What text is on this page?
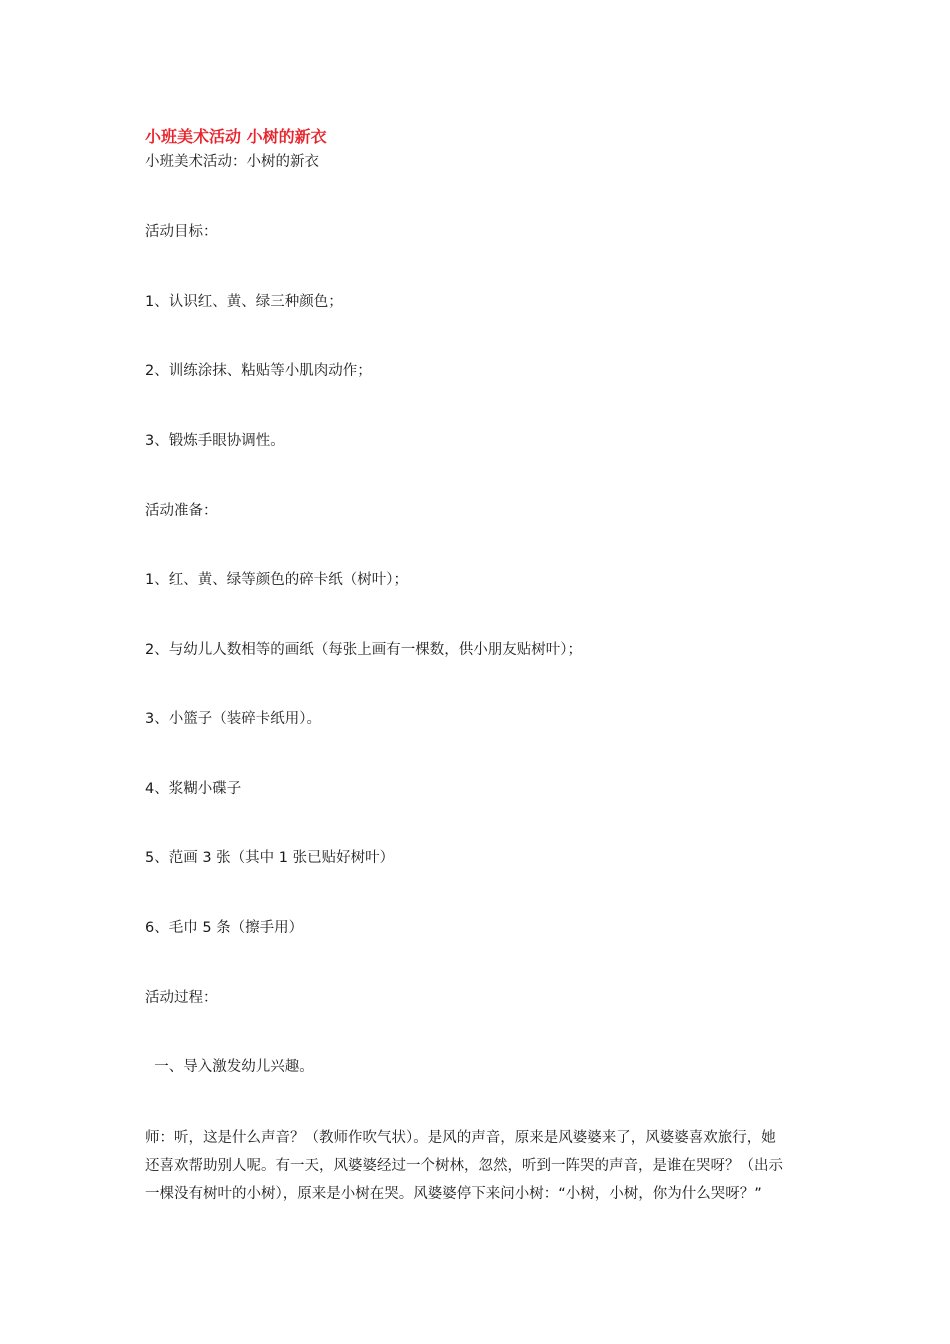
小班美术活动 小树的新衣
小班美术活动：小树的新衣
活动目标：
1、认识红、黄、绿三种颜色；
2、训练涂抹、粘贴等小肌肉动作；
3、锻炼手眼协调性。
活动准备：
1、红、黄、绿等颜色的碎卡纸（树叶）；
2、与幼儿人数相等的画纸（每张上画有一棵数，供小朋友贴树叶）；
3、小篮子（装碎卡纸用）。
4、浆糊小碟子
5、范画 3 张（其中 1 张已贴好树叶）
6、毛巾 5 条（擦手用）
活动过程：
一、导入激发幼儿兴趣。
师：听，这是什么声音？（教师作吹气状）。是风的声音，原来是风婆婆来了，风婆婆喜欢旅行，她
还喜欢帮助别人呢。有一天，风婆婆经过一个树林，忽然，听到一阵哭的声音，是谁在哭呀？（出示
一棵没有树叶的小树），原来是小树在哭。风婆婆停下来问小树：“小树，小树，你为什么哭呀？”
